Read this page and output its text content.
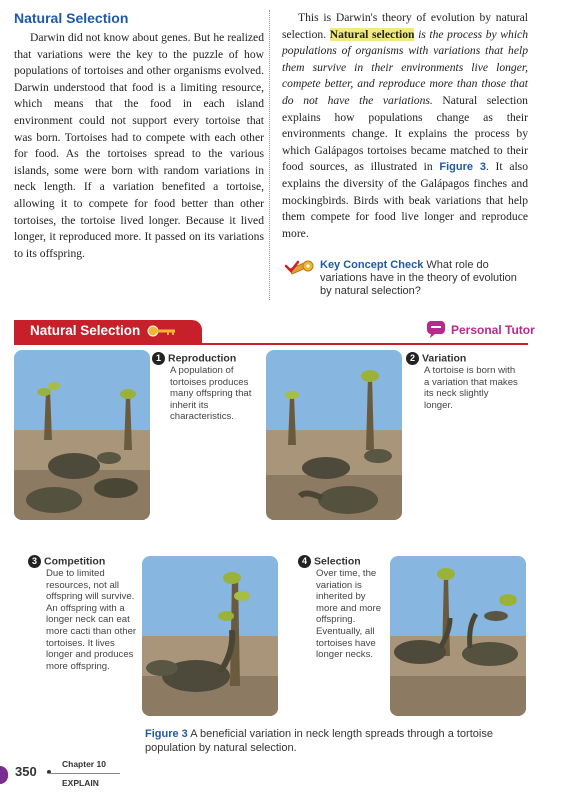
Natural Selection

Darwin did not know about genes. But he realized that variations were the key to the puzzle of how populations of tortoises and other organisms evolved. Darwin understood that food is a limiting resource, which means that the food in each island environment could not support every tortoise that was born. Tortoises had to compete with each other for food. As the tortoises spread to the various islands, some were born with random variations in neck length. If a variation benefited a tortoise, allowing it to compete for food better than other tortoises, the tortoise lived longer. Because it lived longer, it reproduced more. It passed on its variations to its offspring.

This is Darwin's theory of evolution by natural selection. Natural selection is the process by which populations of organisms with variations that help them survive in their environments live longer, compete better, and reproduce more than those that do not have the variations. Natural selection explains how populations change as their environments change. It explains the process by which Galápagos tortoises became matched to their food sources, as illustrated in Figure 3. It also explains the diversity of the Galápagos finches and mockingbirds. Birds with beak variations that help them compete for food live longer and reproduce more.

Key Concept Check What role do variations have in the theory of evolution by natural selection?
Natural Selection	Personal Tutor
1 Reproduction
A population of tortoises produces many offspring that inherit its characteristics.
2 Variation
A tortoise is born with a variation that makes its neck slightly longer.
3 Competition
Due to limited resources, not all offspring will survive. An offspring with a longer neck can eat more cacti than other tortoises. It lives longer and produces more offspring.
4 Selection
Over time, the variation is inherited by more and more offspring. Eventually, all tortoises have longer necks.
Figure 3 A beneficial variation in neck length spreads through a tortoise population by natural selection.
350	Chapter 10
EXPLAIN
